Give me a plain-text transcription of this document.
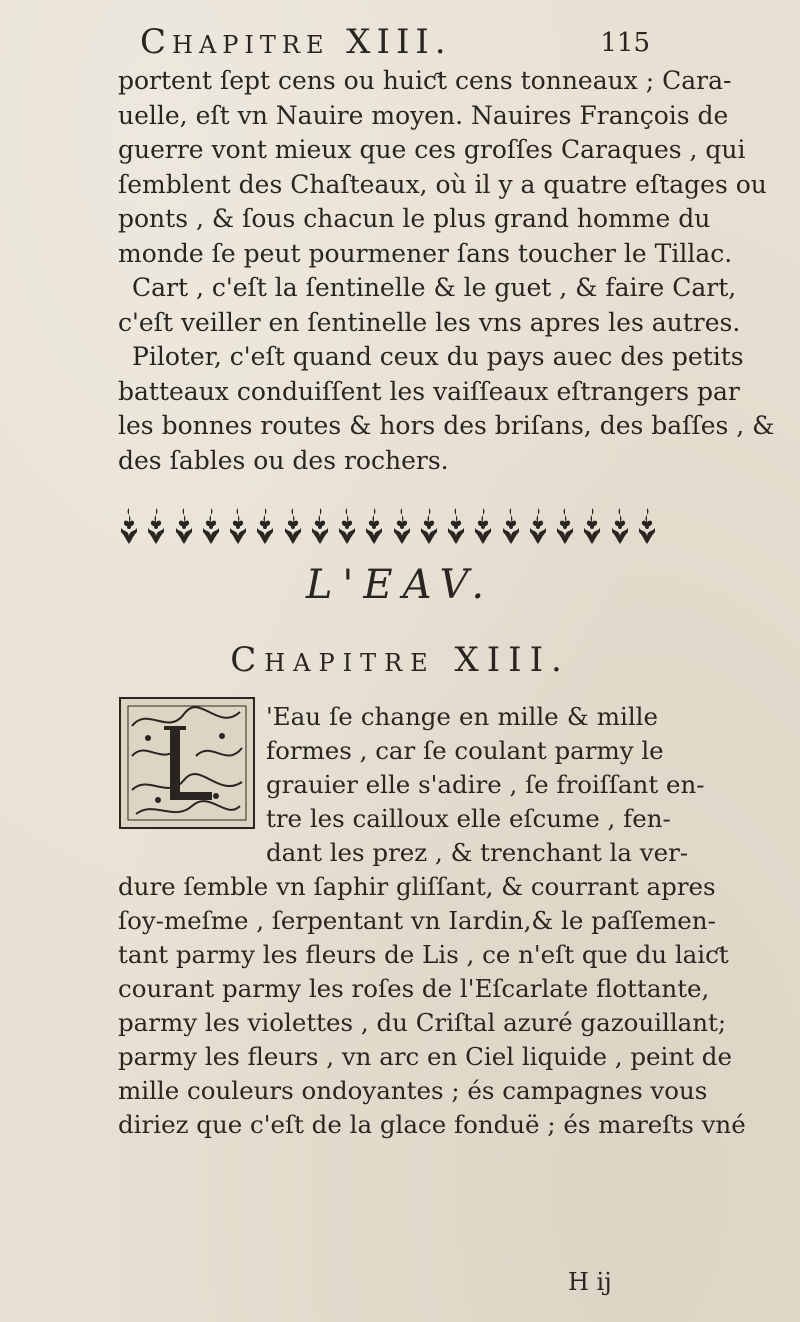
Chapitre XIII.	115
portent ſept cens ou huiƈt cens tonneaux ; Cara-
uelle, eſt vn Nauire moyen. Nauires François de
guerre vont mieux que ces groſſes Caraques , qui
ſemblent des Chaſteaux, où il y a quatre eſtages ou
ponts , & ſous chacun le plus grand homme du
monde ſe peut pourmener ſans toucher le Tillac.
Cart , c'eſt la ſentinelle & le guet , & faire Cart,
c'eſt veiller en ſentinelle les vns apres les autres.
Piloter, c'eſt quand ceux du pays auec des petits
batteaux conduiſſent les vaiſſeaux eſtrangers par
les bonnes routes & hors des briſans, des baſſes , &
des ſables ou des rochers.
L'EAV.
Chapitre XIII.
'Eau ſe change en mille & mille
formes , car ſe coulant parmy le
grauier elle s'adire , ſe froiſſant en-
tre les cailloux elle eſcume , fen-
dant les prez , & trenchant la ver-
dure ſemble vn ſaphir gliſſant, & courrant apres
ſoy-meſme , ſerpentant vn Iardin,& le paſſemen-
tant parmy les fleurs de Lis , ce n'eſt que du laiƈt
courant parmy les roſes de l'Eſcarlate flottante,
parmy les violettes , du Criſtal azuré gazouillant;
parmy les fleurs , vn arc en Ciel liquide , peint de
mille couleurs ondoyantes ; és campagnes vous
diriez que c'eſt de la glace fonduë ; és mareſts vné
H ij
